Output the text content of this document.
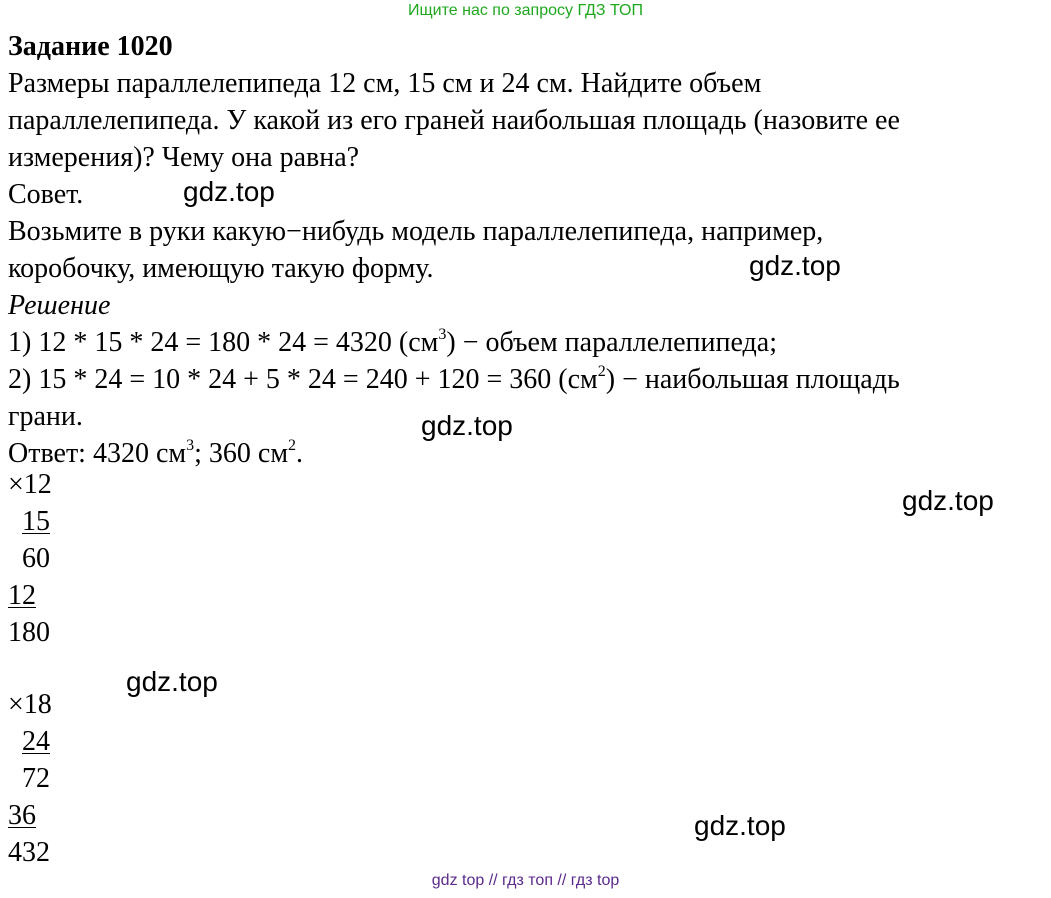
Ищите нас по запросу ГДЗ ТОП
Задание 1020
Размеры параллелепипеда 12 см, 15 см и 24 см. Найдите объем
параллелепипеда. У какой из его граней наибольшая площадь (назовите ее
измерения)? Чему она равна?
Совет.
Возьмите в руки какую−нибудь модель параллелепипеда, например,
коробочку, имеющую такую форму.
Решение
1) 12 * 15 * 24 = 180 * 24 = 4320 $(см^3)$ − объем параллелепипеда;
2) 15 * 24 = 10 * 24 + 5 * 24 = 240 + 120 = 360 $(см^2)$ − наибольшая площадь
грани.
Ответ: 4320 $см^3$; 360 $см^2$.
×12
15
60
12
180
×18
24
72
36
432
gdz.top
gdz.top
gdz.top
gdz.top
gdz.top
gdz.top
gdz top // гдз топ // гдз top
